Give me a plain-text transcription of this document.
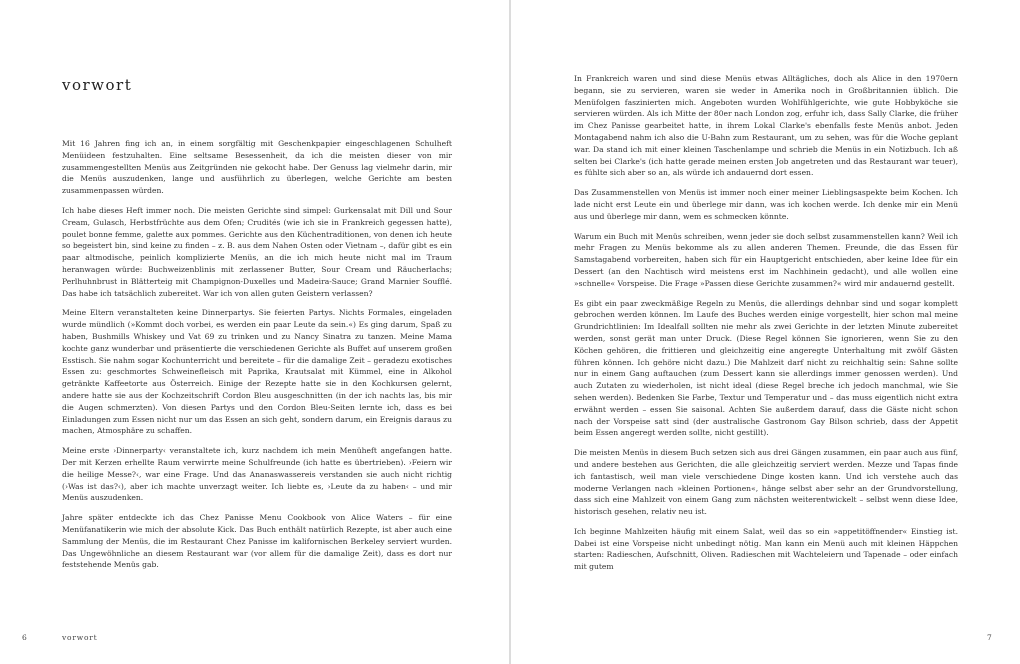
vorwort

Mit 16 Jahren fing ich an, in einem sorgfältig mit Geschenkpapier eingeschlagenen Schulheft Menüideen festzuhalten. Eine seltsame Besessenheit, da ich die meisten dieser von mir zusammengestellten Menüs aus Zeitgründen nie gekocht habe. Der Genuss lag vielmehr darin, mir die Menüs auszudenken, lange und ausführlich zu überlegen, welche Gerichte am besten zusammenpassen würden.

Ich habe dieses Heft immer noch. Die meisten Gerichte sind simpel: Gurkensalat mit Dill und Sour Cream, Gulasch, Herbstfrüchte aus dem Ofen; Crudités (wie ich sie in Frankreich gegessen hatte), poulet bonne femme, galette aux pommes. Gerichte aus den Küchentraditionen, von denen ich heute so begeistert bin, sind keine zu finden – z. B. aus dem Nahen Osten oder Vietnam –, dafür gibt es ein paar altmodische, peinlich komplizierte Menüs, an die ich mich heute nicht mal im Traum heranwagen würde: Buchweizenblinis mit zerlassener Butter, Sour Cream und Räucherlachs; Perlhuhnbrust in Blätterteig mit Champignon-Duxelles und Madeira-Sauce; Grand Marnier Soufflé. Das habe ich tatsächlich zubereitet. War ich von allen guten Geistern verlassen?

Meine Eltern veranstalteten keine Dinnerpartys. Sie feierten Partys. Nichts Formales, eingeladen wurde mündlich (»Kommt doch vorbei, es werden ein paar Leute da sein.«) Es ging darum, Spaß zu haben, Bushmills Whiskey und Vat 69 zu trinken und zu Nancy Sinatra zu tanzen. Meine Mama kochte ganz wunderbar und präsentierte die verschiedenen Gerichte als Buffet auf unserem großen Esstisch. Sie nahm sogar Kochunterricht und bereitete – für die damalige Zeit – geradezu exotisches Essen zu: geschmortes Schweinefleisch mit Paprika, Krautsalat mit Kümmel, eine in Alkohol getränkte Kaffeetorte aus Österreich. Einige der Rezepte hatte sie in den Kochkursen gelernt, andere hatte sie aus der Kochzeitschrift Cordon Bleu ausgeschnitten (in der ich nachts las, bis mir die Augen schmerzten). Von diesen Partys und den Cordon Bleu-Seiten lernte ich, dass es bei Einladungen zum Essen nicht nur um das Essen an sich geht, sondern darum, ein Ereignis daraus zu machen, Atmosphäre zu schaffen.

Meine erste ›Dinnerparty‹ veranstaltete ich, kurz nachdem ich mein Menüheft angefangen hatte. Der mit Kerzen erhellte Raum verwirrte meine Schulfreunde (ich hatte es übertrieben). ›Feiern wir die heilige Messe?‹, war eine Frage. Und das Ananaswassereis verstanden sie auch nicht richtig (›Was ist das?‹), aber ich machte unverzagt weiter. Ich liebte es, ›Leute da zu haben‹ – und mir Menüs auszudenken.

Jahre später entdeckte ich das Chez Panisse Menu Cookbook von Alice Waters – für eine Menüfanatikerin wie mich der absolute Kick. Das Buch enthält natürlich Rezepte, ist aber auch eine Sammlung der Menüs, die im Restaurant Chez Panisse im kalifornischen Berkeley serviert wurden. Das Ungewöhnliche an diesem Restaurant war (vor allem für die damalige Zeit), dass es dort nur feststehende Menüs gab.

In Frankreich waren und sind diese Menüs etwas Alltägliches, doch als Alice in den 1970ern begann, sie zu servieren, waren sie weder in Amerika noch in Großbritannien üblich. Die Menüfolgen faszinierten mich. Angeboten wurden Wohlfühlgerichte, wie gute Hobbyköche sie servieren würden. Als ich Mitte der 80er nach London zog, erfuhr ich, dass Sally Clarke, die früher im Chez Panisse gearbeitet hatte, in ihrem Lokal Clarke's ebenfalls feste Menüs anbot. Jeden Montagabend nahm ich also die U-Bahn zum Restaurant, um zu sehen, was für die Woche geplant war. Da stand ich mit einer kleinen Taschenlampe und schrieb die Menüs in ein Notizbuch. Ich aß selten bei Clarke's (ich hatte gerade meinen ersten Job angetreten und das Restaurant war teuer), es fühlte sich aber so an, als würde ich andauernd dort essen.

Das Zusammenstellen von Menüs ist immer noch einer meiner Lieblingsaspekte beim Kochen. Ich lade nicht erst Leute ein und überlege mir dann, was ich kochen werde. Ich denke mir ein Menü aus und überlege mir dann, wem es schmecken könnte.

Warum ein Buch mit Menüs schreiben, wenn jeder sie doch selbst zusammenstellen kann? Weil ich mehr Fragen zu Menüs bekomme als zu allen anderen Themen. Freunde, die das Essen für Samstagabend vorbereiten, haben sich für ein Hauptgericht entschieden, aber keine Idee für ein Dessert (an den Nachtisch wird meistens erst im Nachhinein gedacht), und alle wollen eine »schnelle« Vorspeise. Die Frage »Passen diese Gerichte zusammen?« wird mir andauernd gestellt.

Es gibt ein paar zweckmäßige Regeln zu Menüs, die allerdings dehnbar sind und sogar komplett gebrochen werden können. Im Laufe des Buches werden einige vorgestellt, hier schon mal meine Grundrichtlinien: Im Idealfall sollten nie mehr als zwei Gerichte in der letzten Minute zubereitet werden, sonst gerät man unter Druck. (Diese Regel können Sie ignorieren, wenn Sie zu den Köchen gehören, die frittieren und gleichzeitig eine angeregte Unterhaltung mit zwölf Gästen führen können. Ich gehöre nicht dazu.) Die Mahlzeit darf nicht zu reichhaltig sein: Sahne sollte nur in einem Gang auftauchen (zum Dessert kann sie allerdings immer genossen werden). Und auch Zutaten zu wiederholen, ist nicht ideal (diese Regel breche ich jedoch manchmal, wie Sie sehen werden). Bedenken Sie Farbe, Textur und Temperatur und – das muss eigentlich nicht extra erwähnt werden – essen Sie saisonal. Achten Sie außerdem darauf, dass die Gäste nicht schon nach der Vorspeise satt sind (der australische Gastronom Gay Bilson schrieb, dass der Appetit beim Essen angeregt werden sollte, nicht gestillt).

Die meisten Menüs in diesem Buch setzen sich aus drei Gängen zusammen, ein paar auch aus fünf, und andere bestehen aus Gerichten, die alle gleichzeitig serviert werden. Mezze und Tapas finde ich fantastisch, weil man viele verschiedene Dinge kosten kann. Und ich verstehe auch das moderne Verlangen nach »kleinen Portionen«, hänge selbst aber sehr an der Grundvorstellung, dass sich eine Mahlzeit von einem Gang zum nächsten weiterentwickelt – selbst wenn diese Idee, historisch gesehen, relativ neu ist.

Ich beginne Mahlzeiten häufig mit einem Salat, weil das so ein »appetitöffnender« Einstieg ist. Dabei ist eine Vorspeise nicht unbedingt nötig. Man kann ein Menü auch mit kleinen Häppchen starten: Radieschen, Aufschnitt, Oliven. Radieschen mit Wachteleiern und Tapenade – oder einfach mit gutem

6	vorwort	7
